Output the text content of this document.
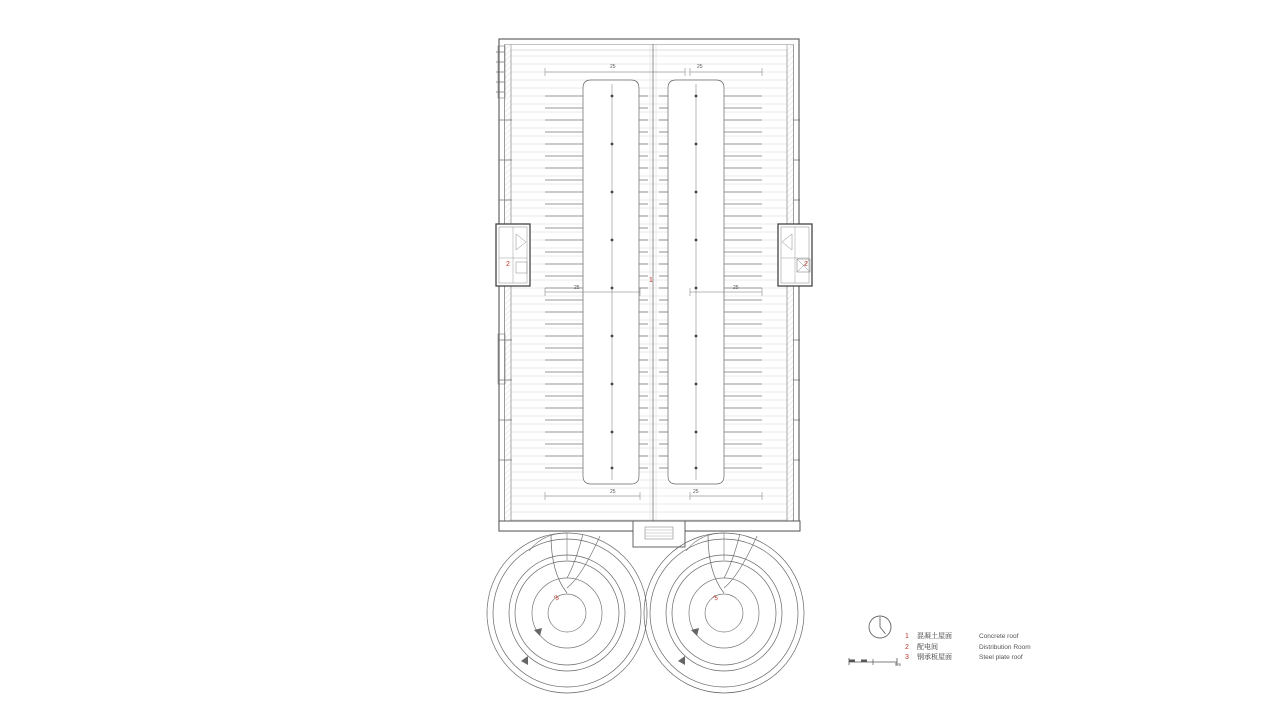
25	25
25	25
25	25
1
2	2
3	3
5m
1	混凝土屋面	Concrete roof
2	配电间	Distribution Room
3	钢承板屋面	Steel plate roof
